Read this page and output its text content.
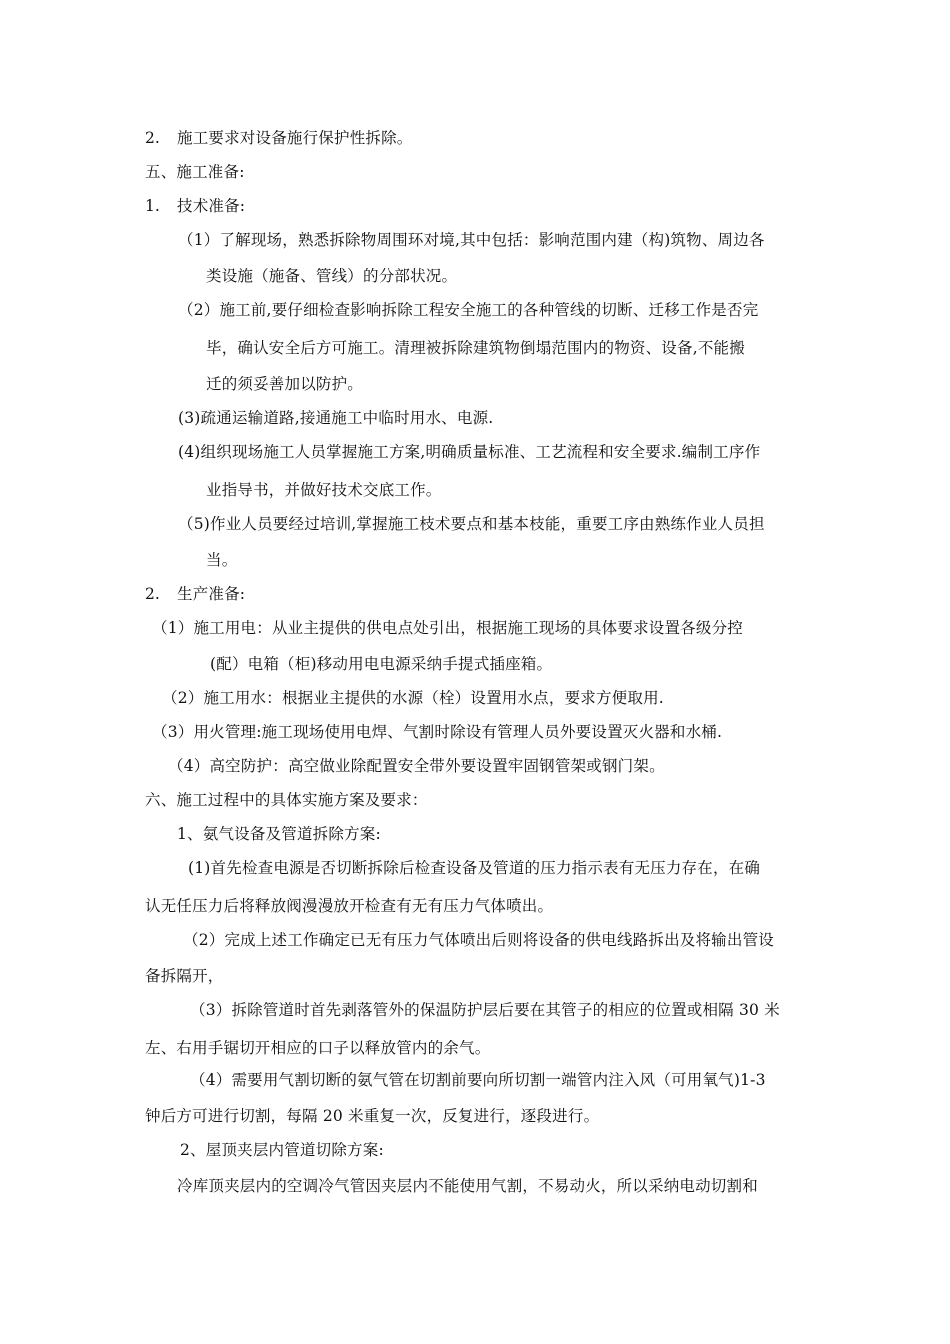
2. 施工要求对设备施行保护性拆除。

五、施工准备:

1. 技术准备:

（1）了解现场，熟悉拆除物周围环对境,其中包括：影响范围内建（构)筑物、周边各

类设施（施备、管线）的分部状况。

（2）施工前,要仔细检查影响拆除工程安全施工的各种管线的切断、迁移工作是否完

毕，确认安全后方可施工。清理被拆除建筑物倒塌范围内的物资、设备,不能搬

迁的须妥善加以防护。

(3)疏通运输道路,接通施工中临时用水、电源.

(4)组织现场施工人员掌握施工方案,明确质量标准、工艺流程和安全要求.编制工序作

业指导书，并做好技术交底工作。

（5)作业人员要经过培训,掌握施工枝术要点和基本枝能，重要工序由熟练作业人员担

当。

2. 生产准备:

（1）施工用电：从业主提供的供电点处引出，根据施工现场的具体要求设置各级分控

(配）电箱（柜)移动用电电源采纳手提式插座箱。

（2）施工用水：根据业主提供的水源（栓）设置用水点，要求方便取用.

（3）用火管理:施工现场使用电焊、气割时除设有管理人员外要设置灭火器和水桶.

（4）高空防护：高空做业除配置安全带外要设置牢固钢管架或钢门架。

六、施工过程中的具体实施方案及要求：

1、氨气设备及管道拆除方案:

(1)首先检查电源是否切断拆除后检查设备及管道的压力指示表有无压力存在，在确

认无任压力后将释放阀漫漫放开检查有无有压力气体喷出。

（2）完成上述工作确定已无有压力气体喷出后则将设备的供电线路拆出及将输出管设

备拆隔开，

（3）拆除管道时首先剥落管外的保温防护层后要在其管子的相应的位置或相隔 30 米

左、右用手锯切开相应的口子以释放管内的余气。

（4）需要用气割切断的氨气管在切割前要向所切割一端管内注入风（可用氧气)1-3

钟后方可进行切割，每隔 20 米重复一次，反复进行，逐段进行。

2、屋顶夹层内管道切除方案:

冷库顶夹层内的空调冷气管因夹层内不能使用气割，不易动火，所以采纳电动切割和
